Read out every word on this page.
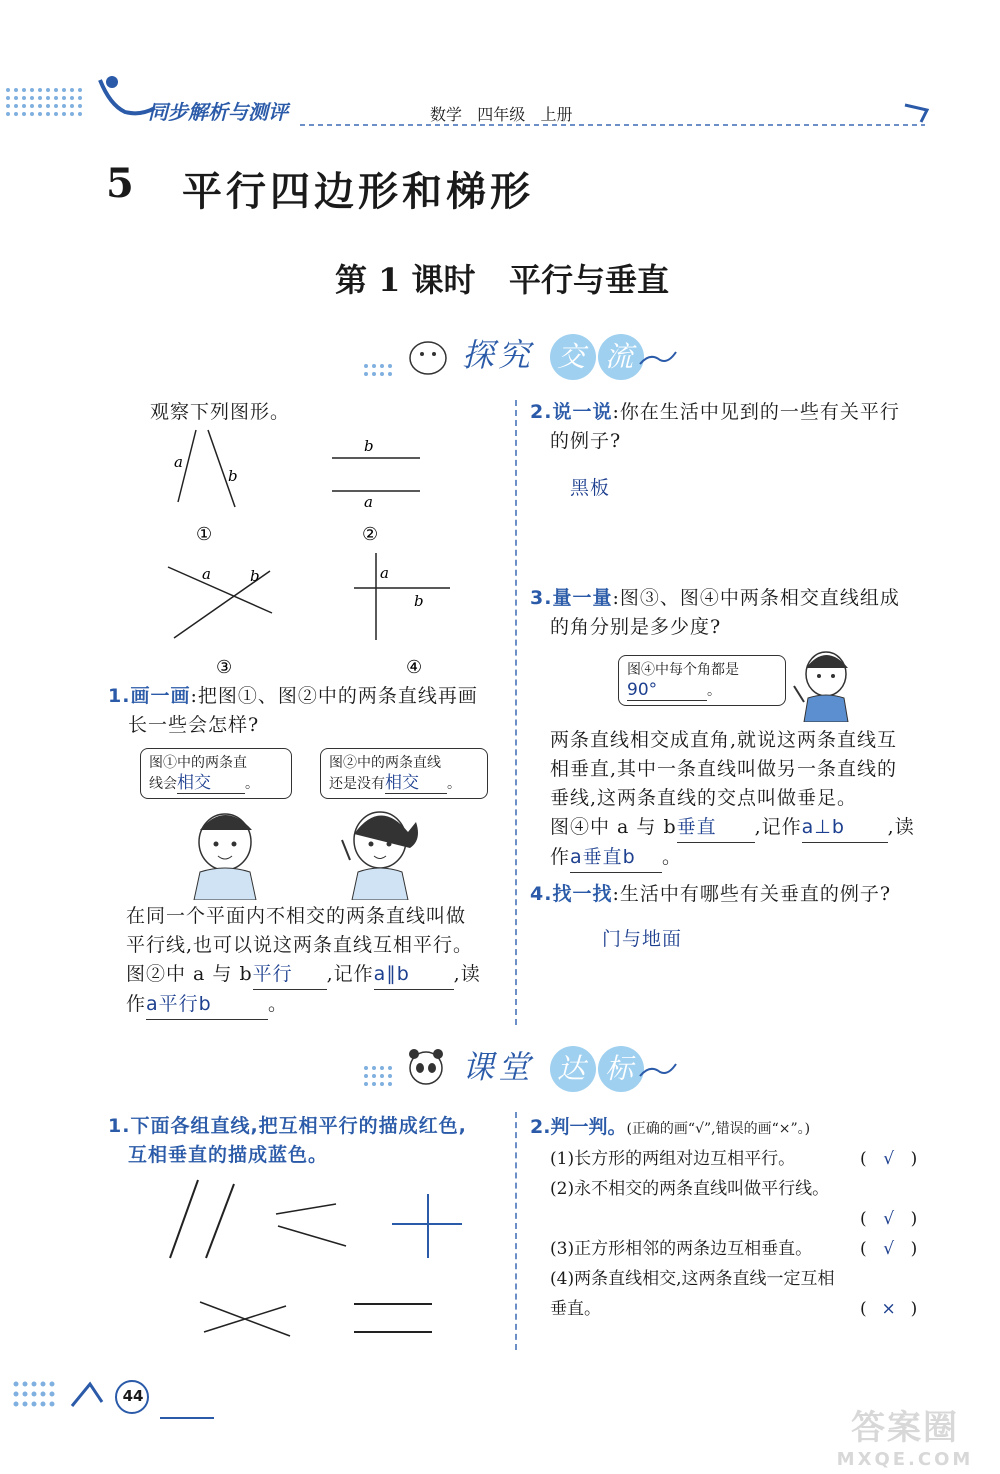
同步解析与测评	数学   四年级   上册
5 平行四边形和梯形
第 1 课时   平行与垂直
探究 交 流
观察下列图形。
a
b
b
a
①	②
a	b	a
b
③	④
1.画一画:把图①、图②中的两条直线再画
长一些会怎样?
图①中的两条直
线会相交 。
图②中的两条直线
还是没有相交 。
在同一个平面内不相交的两条直线叫做
平行线,也可以说这两条直线互相平行。
图②中 a 与 b平行 ,记作a∥b ,读
作a平行b	。
2.说一说:你在生活中见到的一些有关平行
的例子?
黑板
3.量一量:图③、图④中两条相交直线组成
的角分别是多少度?
图④中每个角都是
90°	。
两条直线相交成直角,就说这两条直线互
相垂直,其中一条直线叫做另一条直线的
垂线,这两条直线的交点叫做垂足。
图④中 a 与 b垂直 ,记作a⊥b ,读
作a垂直b 。
4.找一找:生活中有哪些有关垂直的例子?
门与地面
课堂 达 标
1.下面各组直线,把互相平行的描成红色,
互相垂直的描成蓝色。
2.判一判。(正确的画“√”,错误的画“×”。)
(1)长方形的两组对边互相平行。	( √ )
(2)永不相交的两条直线叫做平行线。
( √ )
(3)正方形相邻的两条边互相垂直。	( √ )
(4)两条直线相交,这两条直线一定互相
垂直。	( × )
44
答案圈
MXQE.COM
